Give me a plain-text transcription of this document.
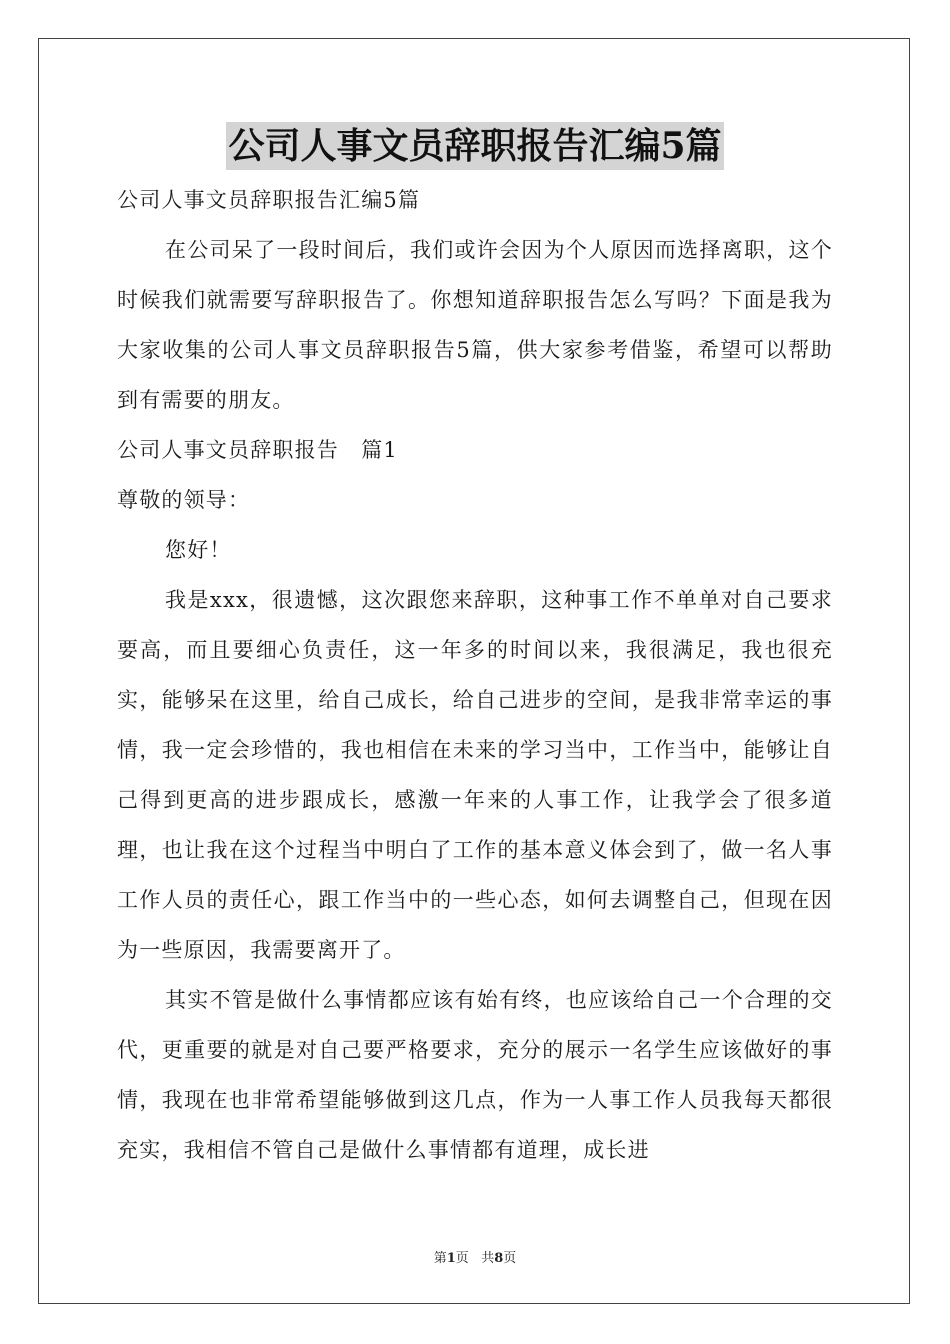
公司人事文员辞职报告汇编5篇

公司人事文员辞职报告汇编5篇

在公司呆了一段时间后，我们或许会因为个人原因而选择离职，这个时候我们就需要写辞职报告了。你想知道辞职报告怎么写吗？下面是我为大家收集的公司人事文员辞职报告5篇，供大家参考借鉴，希望可以帮助到有需要的朋友。

公司人事文员辞职报告　篇1

尊敬的领导：

您好！

我是xxx，很遗憾，这次跟您来辞职，这种事工作不单单对自己要求要高，而且要细心负责任，这一年多的时间以来，我很满足，我也很充实，能够呆在这里，给自己成长，给自己进步的空间，是我非常幸运的事情，我一定会珍惜的，我也相信在未来的学习当中，工作当中，能够让自己得到更高的进步跟成长，感激一年来的人事工作，让我学会了很多道理，也让我在这个过程当中明白了工作的基本意义体会到了，做一名人事工作人员的责任心，跟工作当中的一些心态，如何去调整自己，但现在因为一些原因，我需要离开了。

其实不管是做什么事情都应该有始有终，也应该给自己一个合理的交代，更重要的就是对自己要严格要求，充分的展示一名学生应该做好的事情，我现在也非常希望能够做到这几点，作为一人事工作人员我每天都很充实，我相信不管自己是做什么事情都有道理，成长进

第1页 共8页
